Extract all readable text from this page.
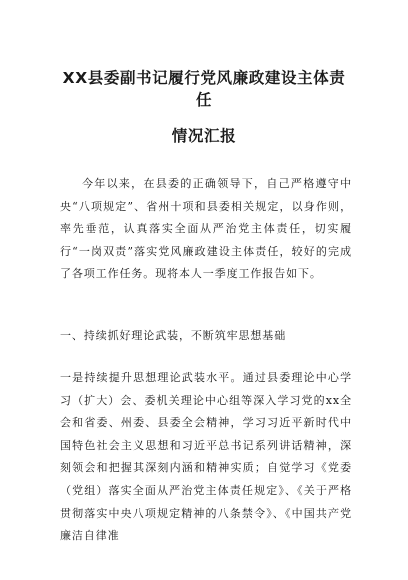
XX县委副书记履行党风廉政建设主体责任
情况汇报

今年以来，在县委的正确领导下，自己严格遵守中央“八项规定”、省州十项和县委相关规定，以身作则，率先垂范，认真落实全面从严治党主体责任，切实履行“一岗双责”落实党风廉政建设主体责任，较好的完成了各项工作任务。现将本人一季度工作报告如下。

一、持续抓好理论武装，不断筑牢思想基础

一是持续提升思想理论武装水平。通过县委理论中心学习（扩大）会、委机关理论中心组等深入学习党的xx全会和省委、州委、县委全会精神，学习习近平新时代中国特色社会主义思想和习近平总书记系列讲话精神，深刻领会和把握其深刻内涵和精神实质；自觉学习《党委（党组）落实全面从严治党主体责任规定》、《关于严格贯彻落实中央八项规定精神的八条禁令》、《中国共产党廉洁自律准
